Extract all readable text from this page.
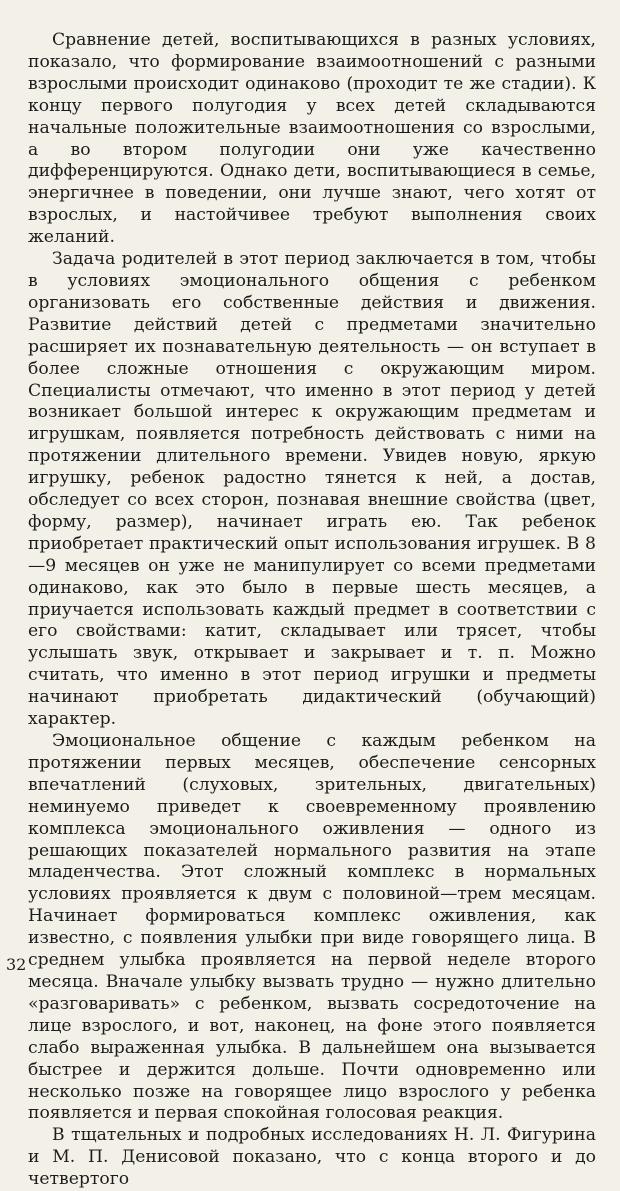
Сравнение детей, воспитывающихся в разных условиях, показало, что формирование взаимоотношений с разными взрослыми происходит одинаково (проходит те же стадии). К концу первого полугодия у всех детей складываются начальные положительные взаимоотношения со взрослыми, а во втором полугодии они уже качественно дифференцируются. Однако дети, воспитывающиеся в семье, энергичнее в поведении, они лучше знают, чего хотят от взрослых, и настойчивее требуют выполнения своих желаний.

Задача родителей в этот период заключается в том, чтобы в условиях эмоционального общения с ребенком организовать его собственные действия и движения. Развитие действий детей с предметами значительно расширяет их познавательную деятельность — он вступает в более сложные отношения с окружающим миром. Специалисты отмечают, что именно в этот период у детей возникает большой интерес к окружающим предметам и игрушкам, появляется потребность действовать с ними на протяжении длительного времени. Увидев новую, яркую игрушку, ребенок радостно тянется к ней, а достав, обследует со всех сторон, познавая внешние свойства (цвет, форму, размер), начинает играть ею. Так ребенок приобретает практический опыт использования игрушек. В 8—9 месяцев он уже не манипулирует со всеми предметами одинаково, как это было в первые шесть месяцев, а приучается использовать каждый предмет в соответствии с его свойствами: катит, складывает или трясет, чтобы услышать звук, открывает и закрывает и т. п. Можно считать, что именно в этот период игрушки и предметы начинают приобретать дидактический (обучающий) характер.

Эмоциональное общение с каждым ребенком на протяжении первых месяцев, обеспечение сенсорных впечатлений (слуховых, зрительных, двигательных) неминуемо приведет к своевременному проявлению комплекса эмоционального оживления — одного из решающих показателей нормального развития на этапе младенчества. Этот сложный комплекс в нормальных условиях проявляется к двум с половиной—трем месяцам. Начинает формироваться комплекс оживления, как известно, с появления улыбки при виде говорящего лица. В среднем улыбка проявляется на первой неделе второго месяца. Вначале улыбку вызвать трудно — нужно длительно «разговаривать» с ребенком, вызвать сосредоточение на лице взрослого, и вот, наконец, на фоне этого появляется слабо выраженная улыбка. В дальнейшем она вызывается быстрее и держится дольше. Почти одновременно или несколько позже на говорящее лицо взрослого у ребенка появляется и первая спокойная голосовая реакция.

В тщательных и подробных исследованиях Н. Л. Фигурина и М. П. Денисовой показано, что с конца второго и до четвертого

32
